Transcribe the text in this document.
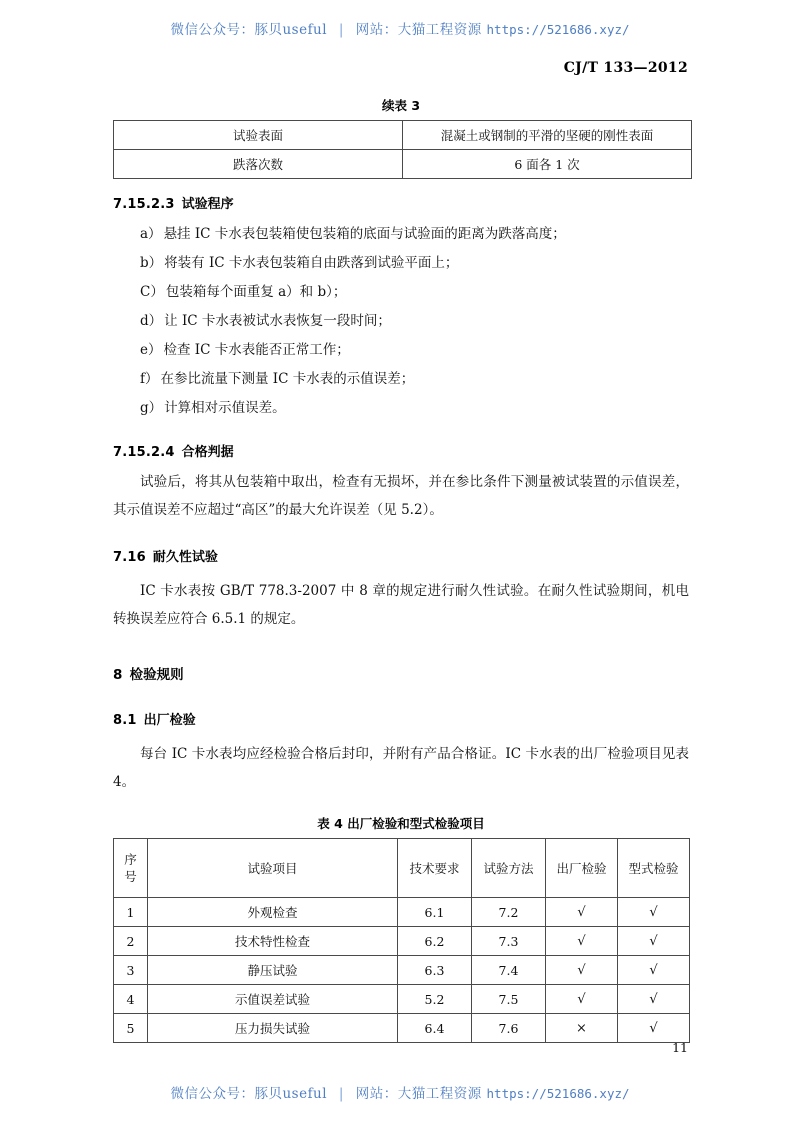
微信公众号：豚贝useful | 网站：大猫工程资源 https://521686.xyz/
CJ/T 133—2012
续表 3
试验表面	混凝土或钢制的平滑的坚硬的刚性表面
跌落次数	6 面各 1 次
7.15.2.3 试验程序
a） 悬挂 IC 卡水表包装箱使包装箱的底面与试验面的距离为跌落高度；
b） 将装有 IC 卡水表包装箱自由跌落到试验平面上；
C） 包装箱每个面重复 a）和 b）；
d） 让 IC 卡水表被试水表恢复一段时间；
e） 检查 IC 卡水表能否正常工作；
f） 在参比流量下测量 IC 卡水表的示值误差；
g） 计算相对示值误差。
7.15.2.4 合格判据

试验后，将其从包装箱中取出，检查有无损坏，并在参比条件下测量被试装置的示值误差，其示值误差不应超过“高区”的最大允许误差（见 5.2）。

7.16 耐久性试验

IC 卡水表按 GB/T 778.3-2007 中 8 章的规定进行耐久性试验。在耐久性试验期间，机电转换误差应符合 6.5.1 的规定。

8 检验规则
8.1 出厂检验

每台 IC 卡水表均应经检验合格后封印，并附有产品合格证。IC 卡水表的出厂检验项目见表 4。

表 4 出厂检验和型式检验项目
序
号	试验项目	技术要求	试验方法	出厂检验	型式检验
1	外观检查	6.1	7.2	√	√
2	技术特性检查	6.2	7.3	√	√
3	静压试验	6.3	7.4	√	√
4	示值误差试验	5.2	7.5	√	√
5	压力损失试验	6.4	7.6	×	√
11
微信公众号：豚贝useful | 网站：大猫工程资源 https://521686.xyz/
